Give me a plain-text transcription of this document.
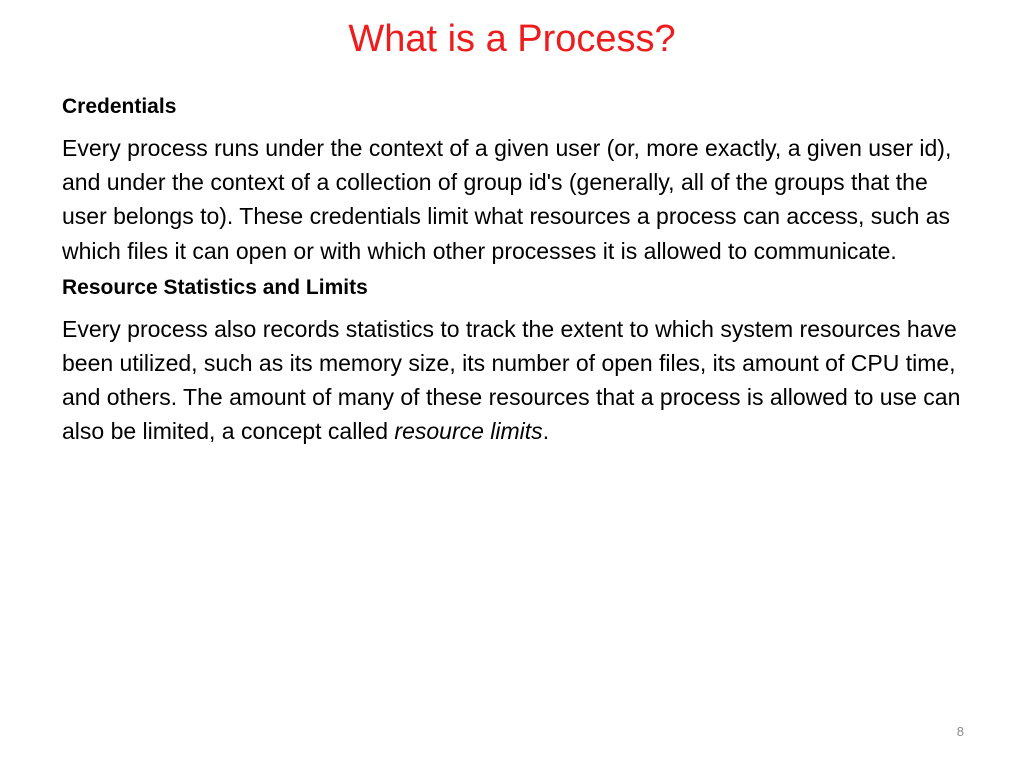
What is a Process?

Credentials

Every process runs under the context of a given user (or, more exactly, a given user id), and under the context of a collection of group id's (generally, all of the groups that the user belongs to). These credentials limit what resources a process can access, such as which files it can open or with which other processes it is allowed to communicate.

Resource Statistics and Limits

Every process also records statistics to track the extent to which system resources have been utilized, such as its memory size, its number of open files, its amount of CPU time, and others. The amount of many of these resources that a process is allowed to use can also be limited, a concept called resource limits.

8
